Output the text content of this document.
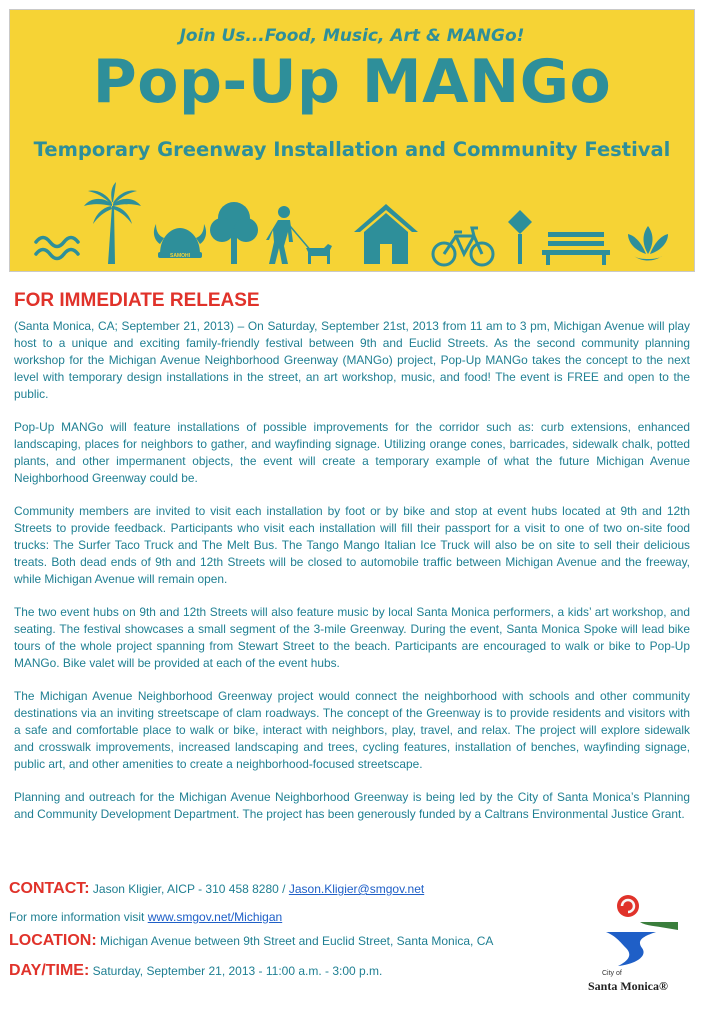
Join Us...Food, Music, Art & MANGo!
Pop-Up MANGo
Temporary Greenway Installation and Community Festival
SAMOHI
FOR IMMEDIATE RELEASE

(Santa Monica, CA; September 21, 2013) – On Saturday, September 21st, 2013 from 11 am to 3 pm, Michigan Avenue will play host to a unique and exciting family-friendly festival between 9th and Euclid Streets. As the second community planning workshop for the Michigan Avenue Neighborhood Greenway (MANGo) project, Pop-Up MANGo takes the concept to the next level with temporary design installations in the street, an art workshop, music, and food! The event is FREE and open to the public.

Pop-Up MANGo will feature installations of possible improvements for the corridor such as: curb extensions, enhanced landscaping, places for neighbors to gather, and wayfinding signage. Utilizing orange cones, barricades, sidewalk chalk, potted plants, and other impermanent objects, the event will create a temporary example of what the future Michigan Avenue Neighborhood Greenway could be.

Community members are invited to visit each installation by foot or by bike and stop at event hubs located at 9th and 12th Streets to provide feedback. Participants who visit each installation will fill their passport for a visit to one of two on-site food trucks: The Surfer Taco Truck and The Melt Bus. The Tango Mango Italian Ice Truck will also be on site to sell their delicious treats. Both dead ends of 9th and 12th Streets will be closed to automobile traffic between Michigan Avenue and the freeway, while Michigan Avenue will remain open.

The two event hubs on 9th and 12th Streets will also feature music by local Santa Monica performers, a kids’ art workshop, and seating. The festival showcases a small segment of the 3-mile Greenway. During the event, Santa Monica Spoke will lead bike tours of the whole project spanning from Stewart Street to the beach. Participants are encouraged to walk or bike to Pop-Up MANGo. Bike valet will be provided at each of the event hubs.

The Michigan Avenue Neighborhood Greenway project would connect the neighborhood with schools and other community destinations via an inviting streetscape of clam roadways. The concept of the Greenway is to provide residents and visitors with a safe and comfortable place to walk or bike, interact with neighbors, play, travel, and relax. The project will explore sidewalk and crosswalk improvements, increased landscaping and trees, cycling features, installation of benches, wayfinding signage, public art, and other amenities to create a neighborhood-focused streetscape.

Planning and outreach for the Michigan Avenue Neighborhood Greenway is being led by the City of Santa Monica’s Planning and Community Development Department. The project has been generously funded by a Caltrans Environmental Justice Grant.

CONTACT: Jason Kligier, AICP - 310 458 8280 / Jason.Kligier@smgov.net
For more information visit www.smgov.net/Michigan
LOCATION: Michigan Avenue between 9th Street and Euclid Street, Santa Monica, CA
DAY/TIME: Saturday, September 21, 2013 - 11:00 a.m. - 3:00 p.m.	City of
Santa Monica®
